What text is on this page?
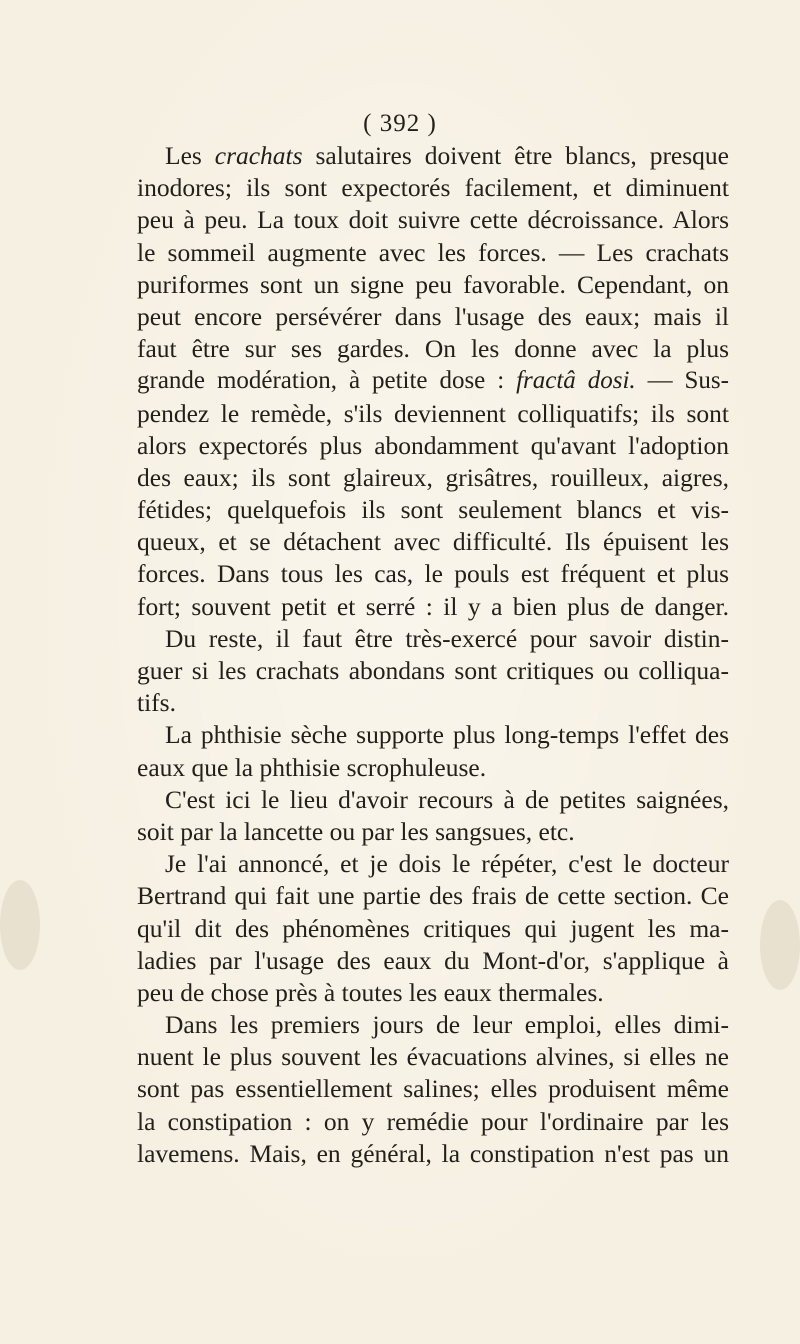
( 392 )
Les crachats salutaires doivent être blancs, presque
inodores; ils sont expectorés facilement, et diminuent
peu à peu. La toux doit suivre cette décroissance. Alors
le sommeil augmente avec les forces. — Les crachats
puriformes sont un signe peu favorable. Cependant, on
peut encore persévérer dans l'usage des eaux; mais il
faut être sur ses gardes. On les donne avec la plus
grande modération, à petite dose : fractâ dosi. — Sus-
pendez le remède, s'ils deviennent colliquatifs; ils sont
alors expectorés plus abondamment qu'avant l'adoption
des eaux; ils sont glaireux, grisâtres, rouilleux, aigres,
fétides; quelquefois ils sont seulement blancs et vis-
queux, et se détachent avec difficulté. Ils épuisent les
forces. Dans tous les cas, le pouls est fréquent et plus
fort; souvent petit et serré : il y a bien plus de danger.
Du reste, il faut être très-exercé pour savoir distin-
guer si les crachats abondans sont critiques ou colliqua-
tifs.
La phthisie sèche supporte plus long-temps l'effet des
eaux que la phthisie scrophuleuse.
C'est ici le lieu d'avoir recours à de petites saignées,
soit par la lancette ou par les sangsues, etc.
Je l'ai annoncé, et je dois le répéter, c'est le docteur
Bertrand qui fait une partie des frais de cette section. Ce
qu'il dit des phénomènes critiques qui jugent les ma-
ladies par l'usage des eaux du Mont-d'or, s'applique à
peu de chose près à toutes les eaux thermales.
Dans les premiers jours de leur emploi, elles dimi-
nuent le plus souvent les évacuations alvines, si elles ne
sont pas essentiellement salines; elles produisent même
la constipation : on y remédie pour l'ordinaire par les
lavemens. Mais, en général, la constipation n'est pas un
